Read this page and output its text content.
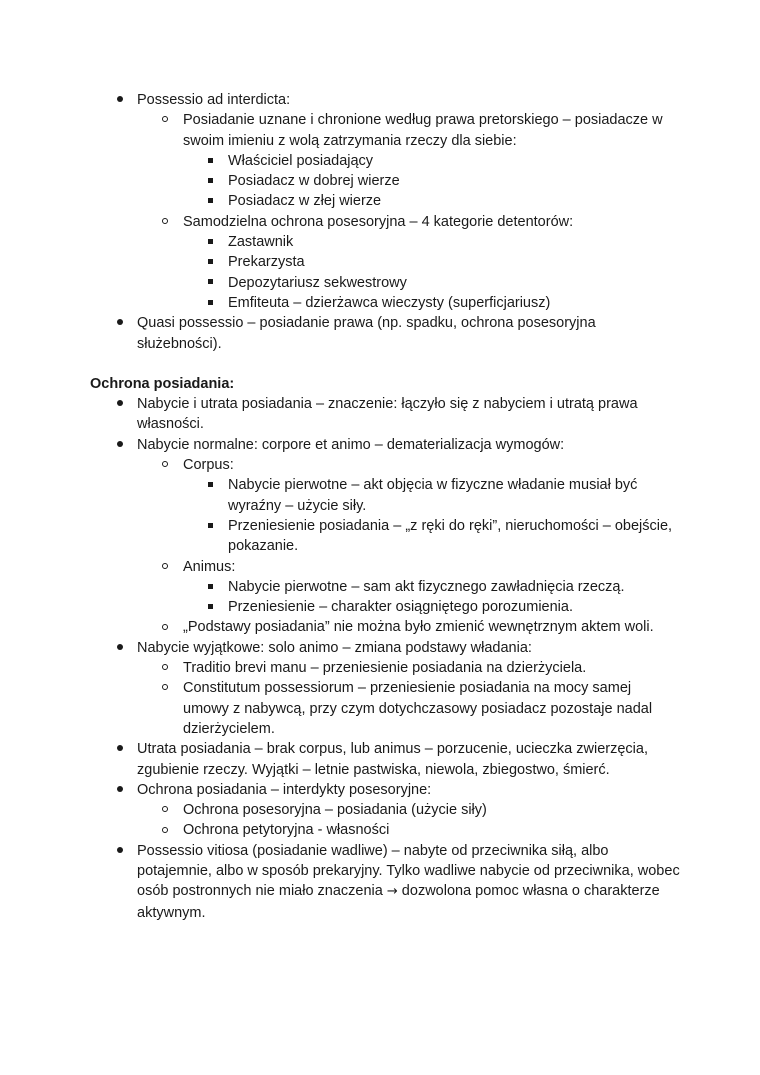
Possessio ad interdicta:
Posiadanie uznane i chronione według prawa pretorskiego – posiadacze w swoim imieniu z wolą zatrzymania rzeczy dla siebie:
Właściciel posiadający
Posiadacz w dobrej wierze
Posiadacz w złej wierze
Samodzielna ochrona posesoryjna – 4 kategorie detentorów:
Zastawnik
Prekarzysta
Depozytariusz sekwestrowy
Emfiteuta – dzierżawca wieczysty (superficjariusz)
Quasi possessio – posiadanie prawa (np. spadku, ochrona posesoryjna służebności).
Ochrona posiadania:
Nabycie i utrata posiadania – znaczenie: łączyło się z nabyciem i utratą prawa własności.
Nabycie normalne: corpore et animo – dematerializacja wymogów:
Corpus:
Nabycie pierwotne – akt objęcia w fizyczne władanie musiał być wyraźny – użycie siły.
Przeniesienie posiadania – „z ręki do ręki”, nieruchomości – obejście, pokazanie.
Animus:
Nabycie pierwotne – sam akt fizycznego zawładnięcia rzeczą.
Przeniesienie – charakter osiągniętego porozumienia.
„Podstawy posiadania” nie można było zmienić wewnętrznym aktem woli.
Nabycie wyjątkowe: solo animo – zmiana podstawy władania:
Traditio brevi manu – przeniesienie posiadania na dzierżyciela.
Constitutum possessiorum – przeniesienie posiadania na mocy samej umowy z nabywcą, przy czym dotychczasowy posiadacz pozostaje nadal dzierżycielem.
Utrata posiadania – brak corpus, lub animus – porzucenie, ucieczka zwierzęcia, zgubienie rzeczy. Wyjątki – letnie pastwiska, niewola, zbiegostwo, śmierć.
Ochrona posiadania – interdykty posesoryjne:
Ochrona posesoryjna – posiadania (użycie siły)
Ochrona petytoryjna - własności
Possessio vitiosa (posiadanie wadliwe) – nabyte od przeciwnika siłą, albo potajemnie, albo w sposób prekaryjny. Tylko wadliwe nabycie od przeciwnika, wobec osób postronnych nie miało znaczenia → dozwolona pomoc własna o charakterze aktywnym.
